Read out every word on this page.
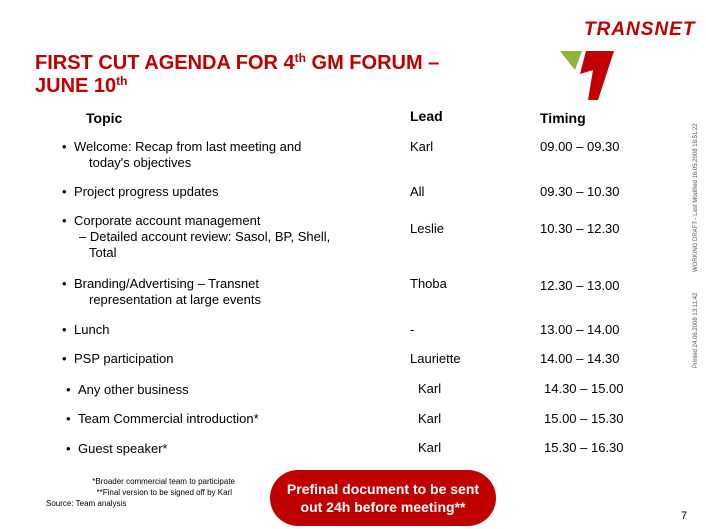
TRANSNET
FIRST CUT AGENDA FOR 4th GM FORUM –
JUNE 10th
Topic	Lead	Timing
• Welcome: Recap from last meeting and
today's objectives
Karl	09.00 – 09.30
• Project progress updates	All	09.30 – 10.30
• Corporate account management
– Detailed account review: Sasol, BP, Shell,
Total
Leslie	10.30 – 12.30
• Branding/Advertising – Transnet
representation at large events
Thoba	12.30 – 13.00
• Lunch	-	13.00 – 14.00
• PSP participation	Lauriette	14.00 – 14.30
• Any other business	Karl	14.30 – 15.00
• Team Commercial introduction*	Karl	15.00 – 15.30
• Guest speaker*	Karl	15.30 – 16.30
WORKING DRAFT - Last Modified 16.05.2008 18:51:22
Printed 24.06.2008 13:11:42
*Broader commercial team to participate
**Final version to be signed off by Karl
Source: Team analysis
Prefinal document to be sent
out 24h before meeting**
7
